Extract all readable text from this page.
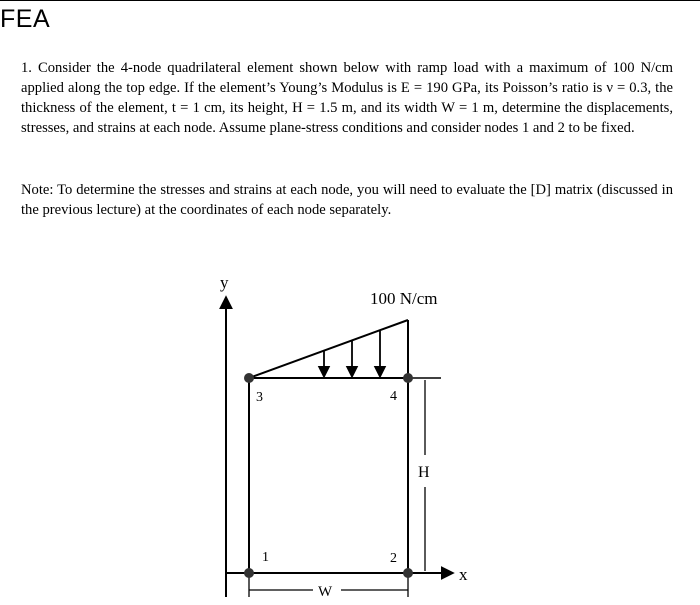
FEA

1. Consider the 4-node quadrilateral element shown below with ramp load with a maximum of 100 N/cm applied along the top edge. If the element’s Young’s Modulus is E = 190 GPa, its Poisson’s ratio is ν = 0.3, the thickness of the element, t = 1 cm, its height, H = 1.5 m, and its width W = 1 m, determine the displacements, stresses, and strains at each node. Assume plane-stress conditions and consider nodes 1 and 2 to be fixed.

Note: To determine the stresses and strains at each node, you will need to evaluate the [D] matrix (discussed in the previous lecture) at the coordinates of each node separately.

y
x
100 N/cm
H
W
3	4
1	2
